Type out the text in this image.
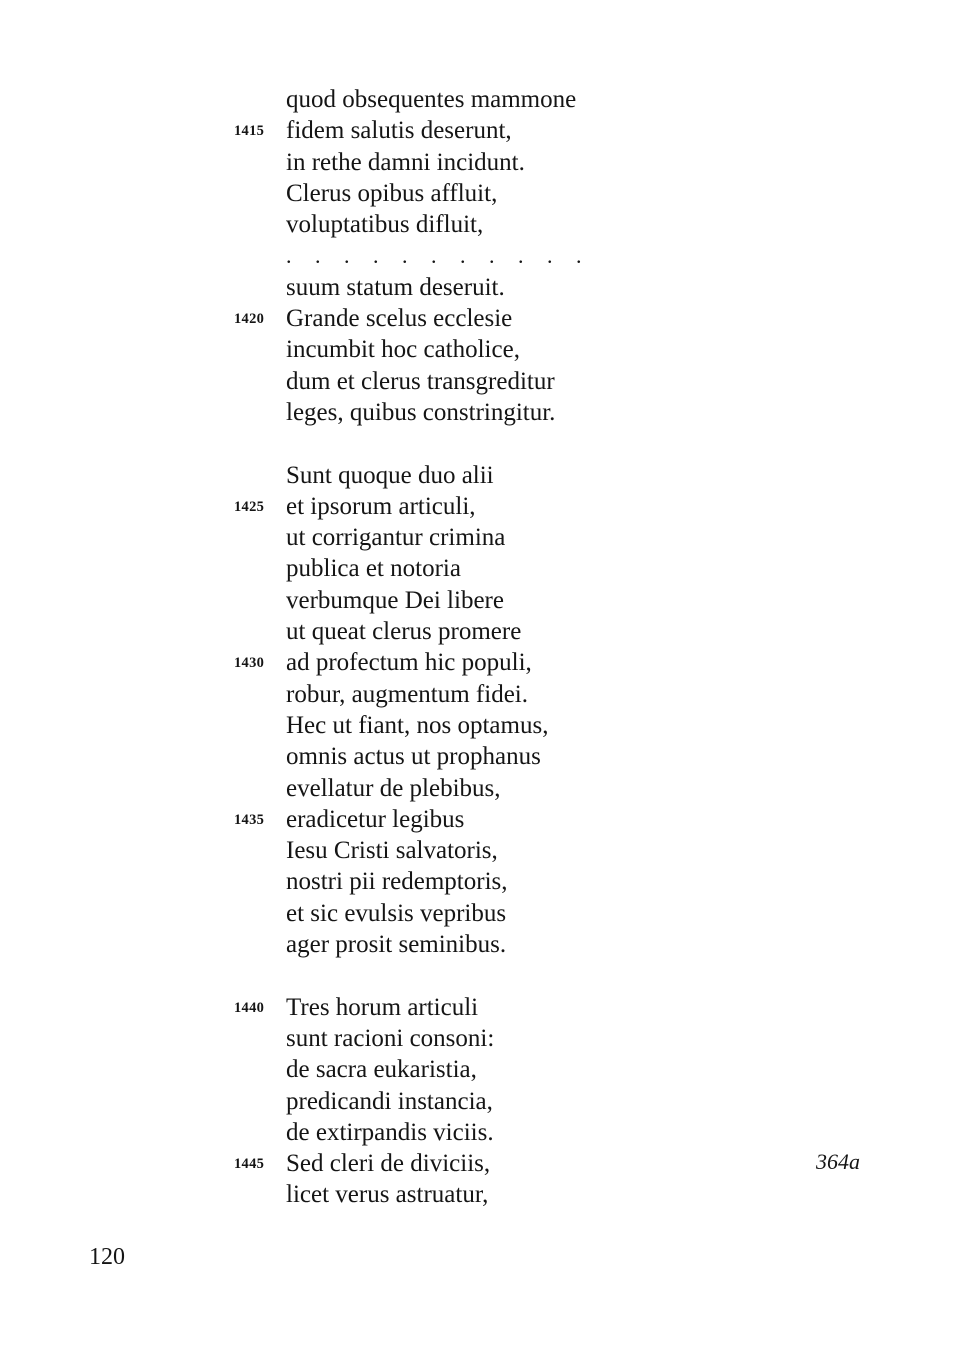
quod obsequentes mammone
1415 fidem salutis deserunt,
in rethe damni incidunt.
Clerus opibus affluit,
voluptatibus difluit,
. . . . . . . . . . .
suum statum deseruit.
1420 Grande scelus ecclesie
incumbit hoc catholice,
dum et clerus transgreditur
leges, quibus constringitur.
Sunt quoque duo alii
1425 et ipsorum articuli,
ut corrigantur crimina
publica et notoria
verbumque Dei libere
ut queat clerus promere
1430 ad profectum hic populi,
robur, augmentum fidei.
Hec ut fiant, nos optamus,
omnis actus ut prophanus
evellatur de plebibus,
1435 eradicetur legibus
Iesu Cristi salvatoris,
nostri pii redemptoris,
et sic evulsis vepribus
ager prosit seminibus.
1440 Tres horum articuli
sunt racioni consoni:
de sacra eukaristia,
predicandi instancia,
de extirpandis viciis.
1445 Sed cleri de diviciis,
licet verus astruatur,
364a
120
